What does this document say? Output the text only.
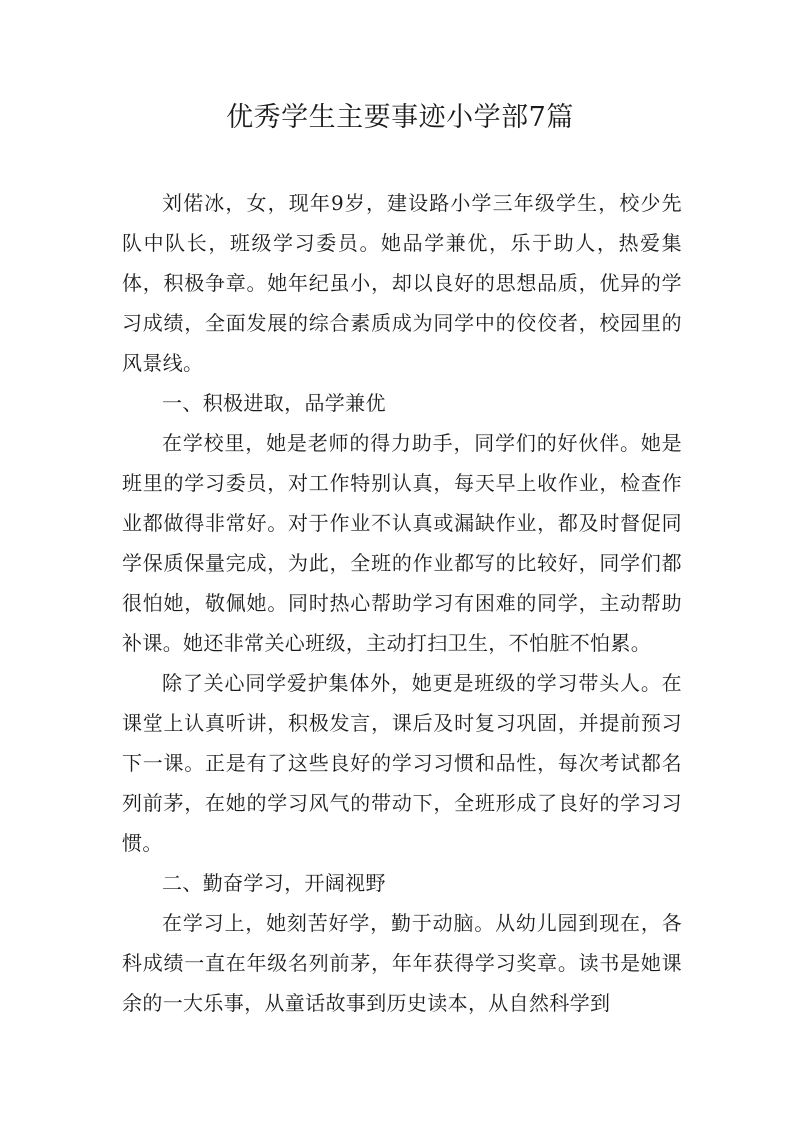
优秀学生主要事迹小学部7篇

刘偌冰，女，现年9岁，建设路小学三年级学生，校少先队中队长，班级学习委员。她品学兼优，乐于助人，热爱集体，积极争章。她年纪虽小，却以良好的思想品质，优异的学习成绩，全面发展的综合素质成为同学中的佼佼者，校园里的风景线。

一、积极进取，品学兼优

在学校里，她是老师的得力助手，同学们的好伙伴。她是班里的学习委员，对工作特别认真，每天早上收作业，检查作业都做得非常好。对于作业不认真或漏缺作业，都及时督促同学保质保量完成，为此，全班的作业都写的比较好，同学们都很怕她，敬佩她。同时热心帮助学习有困难的同学，主动帮助补课。她还非常关心班级，主动打扫卫生，不怕脏不怕累。

除了关心同学爱护集体外，她更是班级的学习带头人。在课堂上认真听讲，积极发言，课后及时复习巩固，并提前预习下一课。正是有了这些良好的学习习惯和品性，每次考试都名列前茅，在她的学习风气的带动下，全班形成了良好的学习习惯。

二、勤奋学习，开阔视野

在学习上，她刻苦好学，勤于动脑。从幼儿园到现在，各科成绩一直在年级名列前茅，年年获得学习奖章。读书是她课余的一大乐事，从童话故事到历史读本，从自然科学到
